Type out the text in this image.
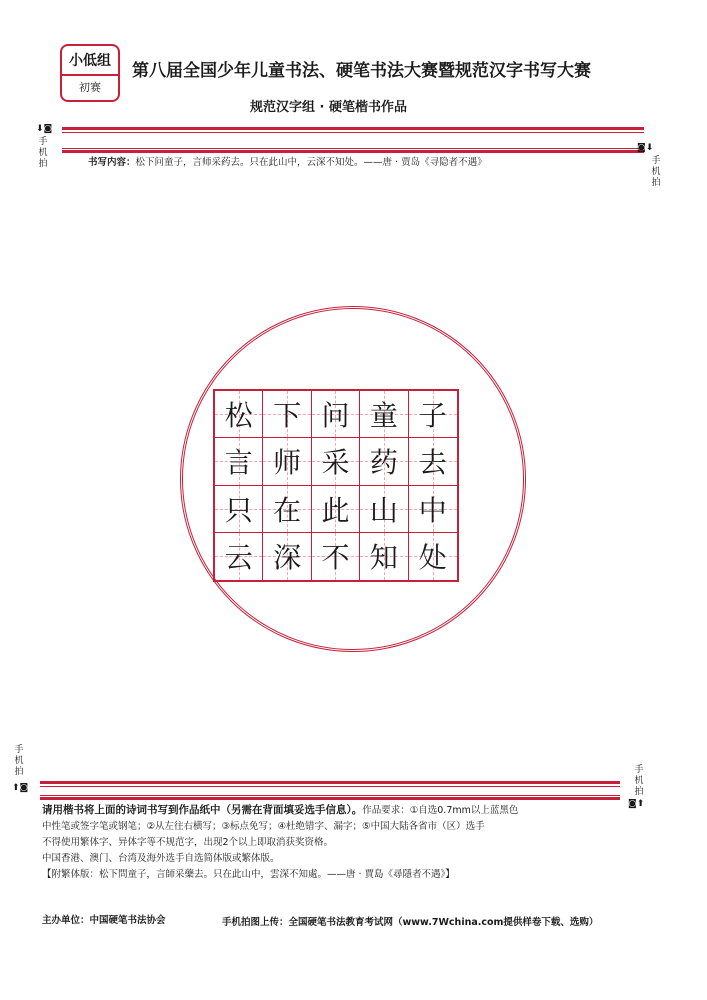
小低组
初赛
第八届全国少年儿童书法、硬笔书法大赛暨规范汉字书写大赛
规范汉字组 · 硬笔楷书作品
⬇◙
手机拍
◙⬇
手机拍
书写内容：松下问童子，言师采药去。只在此山中，云深不知处。——唐 · 贾岛《寻隐者不遇》
松 下 问 童 子
言 师 采 药 去
只 在 此 山 中
云 深 不 知 处
手机拍
⬆◙
手机拍
◙⬆
请用楷书将上面的诗词书写到作品纸中（另需在背面填妥选手信息）。作品要求：①自选0.7mm以上蓝黑色
中性笔或签字笔或钢笔；②从左往右横写；③标点免写；④杜绝错字、漏字；⑤中国大陆各省市（区）选手
不得使用繁体字、异体字等不规范字，出现2个以上即取消获奖资格。
中国香港、澳门、台湾及海外选手自选简体版或繁体版。
【附繁体版：松下問童子，言師采藥去。只在此山中，雲深不知處。——唐 · 賈島《尋隱者不遇》】
主办单位：中国硬笔书法协会	手机拍图上传：全国硬笔书法教育考试网（www.7Wchina.com提供样卷下载、选购）
